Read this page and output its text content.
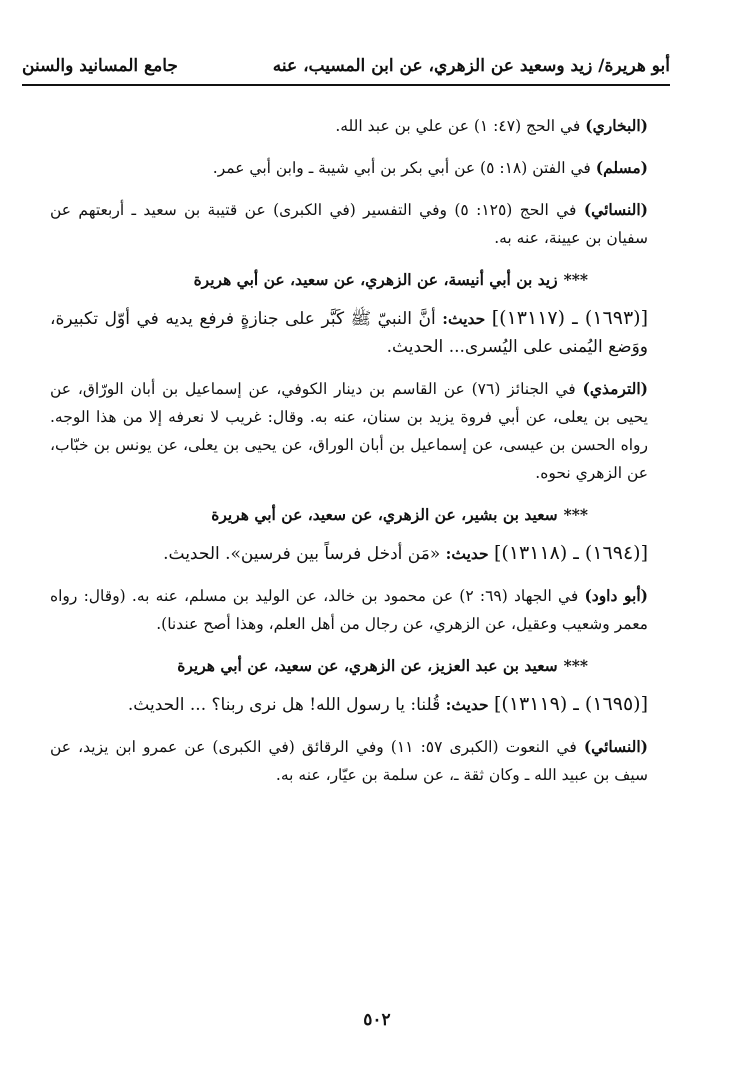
أبو هريرة/ زيد وسعيد عن الزهري، عن ابن المسيب، عنه
جامع المسانيد والسنن

(البخاري) في الحج (٤٧: ١) عن علي بن عبد الله.

(مسلم) في الفتن (١٨: ٥) عن أبي بكر بن أبي شيبة ـ وابن أبي عمر.

(النسائي) في الحج (١٢٥: ٥) وفي التفسير (في الكبرى) عن قتيبة بن سعيد ـ أربعتهم عن سفيان بن عيينة، عنه به.

***زيد بن أبي أنيسة، عن الزهري، عن سعيد، عن أبي هريرة

[(١٦٩٣) ـ (١٣١١٧)] حديث: أنَّ النبيّ ﷺ كَبَّر على جنازةٍ فرفع يديه في أوّل تكبيرة، ووَضع اليُمنى على اليُسرى... الحديث.

(الترمذي) في الجنائز (٧٦) عن القاسم بن دينار الكوفي، عن إسماعيل بن أبان الورّاق، عن يحيى بن يعلى، عن أبي فروة يزيد بن سنان، عنه به. وقال: غريب لا نعرفه إلا من هذا الوجه. رواه الحسن بن عيسى، عن إسماعيل بن أبان الوراق، عن يحيى بن يعلى، عن يونس بن خبّاب، عن الزهري نحوه.

***سعيد بن بشير، عن الزهري، عن سعيد، عن أبي هريرة

[(١٦٩٤) ـ (١٣١١٨)] حديث: «مَن أدخل فرساً بين فرسين». الحديث.

(أبو داود) في الجهاد (٦٩: ٢) عن محمود بن خالد، عن الوليد بن مسلم، عنه به. (وقال: رواه معمر وشعيب وعقيل، عن الزهري، عن رجال من أهل العلم، وهذا أصح عندنا).

***سعيد بن عبد العزيز، عن الزهري، عن سعيد، عن أبي هريرة

[(١٦٩٥) ـ (١٣١١٩)] حديث: قُلنا: يا رسول الله! هل نرى ربنا؟ ... الحديث.

(النسائي) في النعوت (الكبرى ٥٧: ١١) وفي الرقائق (في الكبرى) عن عمرو ابن يزيد، عن سيف بن عبيد الله ـ وكان ثقة ـ، عن سلمة بن عيّار، عنه به.

٥٠٢
